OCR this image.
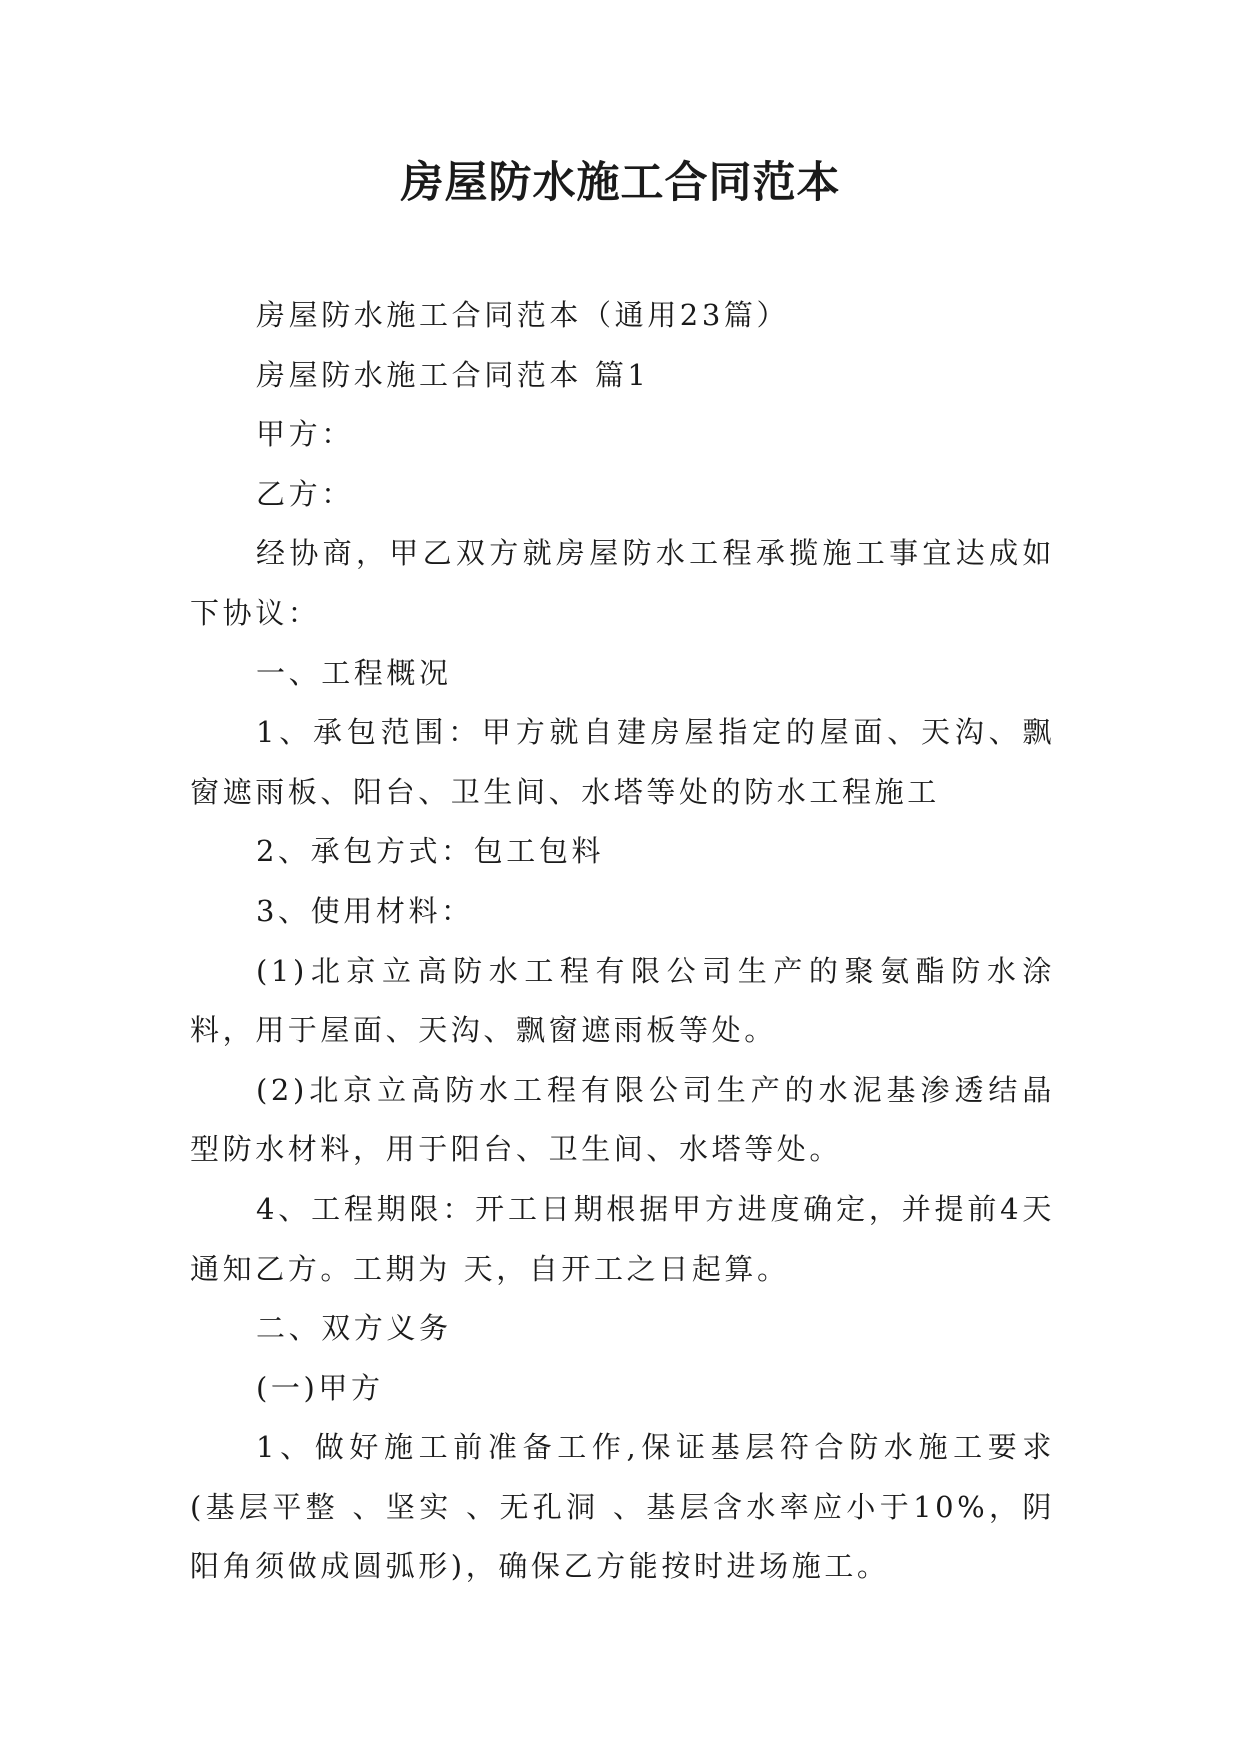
房屋防水施工合同范本

房屋防水施工合同范本（通用23篇）

房屋防水施工合同范本 篇1

甲方：

乙方：

经协商，甲乙双方就房屋防水工程承揽施工事宜达成如下协议：

一、工程概况

1、承包范围：甲方就自建房屋指定的屋面、天沟、飘窗遮雨板、阳台、卫生间、水塔等处的防水工程施工

2、承包方式：包工包料

3、使用材料：

(1)北京立高防水工程有限公司生产的聚氨酯防水涂料，用于屋面、天沟、飘窗遮雨板等处。

(2)北京立高防水工程有限公司生产的水泥基渗透结晶型防水材料，用于阳台、卫生间、水塔等处。

4、工程期限：开工日期根据甲方进度确定，并提前4天通知乙方。工期为 天，自开工之日起算。

二、双方义务

(一)甲方

1、做好施工前准备工作,保证基层符合防水施工要求(基层平整 、坚实 、无孔洞 、基层含水率应小于10%，阴阳角须做成圆弧形)，确保乙方能按时进场施工。
